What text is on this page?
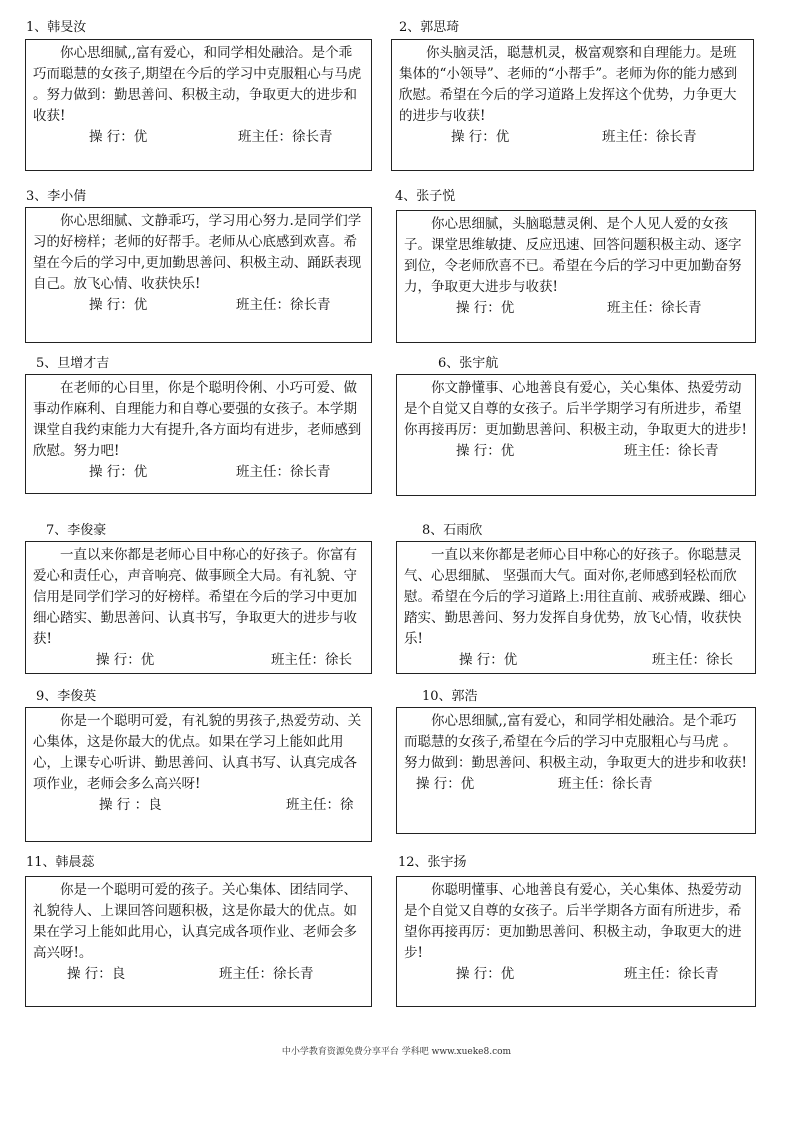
1、韩旻汝

你心思细腻,,富有爱心，和同学相处融洽。是个乖巧而聪慧的女孩子,期望在今后的学习中克服粗心与马虎 。努力做到：勤思善问、积极主动，争取更大的进步和收获!

操 行：优	班主任：徐长青
2、郭思琦

你头脑灵活，聪慧机灵，极富观察和自理能力。是班集体的“小领导”、老师的“小帮手”。老师为你的能力感到欣慰。希望在今后的学习道路上发挥这个优势，力争更大的进步与收获!

操 行：优	班主任：徐长青
3、李小倩

你心思细腻、文静乖巧，学习用心努力.是同学们学习的好榜样；老师的好帮手。老师从心底感到欢喜。希望在今后的学习中,更加勤思善问、积极主动、踊跃表现自己。放飞心情、收获快乐!

操 行：优	班主任：徐长青
4、张子悦

你心思细腻，头脑聪慧灵俐、是个人见人爱的女孩子。课堂思维敏捷、反应迅速、回答问题积极主动、逐字到位，令老师欣喜不已。希望在今后的学习中更加勤奋努力，争取更大进步与收获!

操 行：优	班主任：徐长青
5、旦增才吉

在老师的心目里，你是个聪明伶俐、小巧可爱、做事动作麻利、自理能力和自尊心要强的女孩子。本学期课堂自我约束能力大有提升,各方面均有进步，老师感到欣慰。努力吧!

操 行：优	班主任：徐长青
6、张宇航

你文静懂事、心地善良有爱心，关心集体、热爱劳动是个自觉又自尊的女孩子。后半学期学习有所进步，希望你再接再厉：更加勤思善问、积极主动，争取更大的进步!

操 行：优	班主任：徐长青
7、李俊豪

一直以来你都是老师心目中称心的好孩子。你富有爱心和责任心，声音响亮、做事顾全大局。有礼貌、守信用是同学们学习的好榜样。希望在今后的学习中更加细心踏实、勤思善问、认真书写，争取更大的进步与收获!

操 行：优	班主任：徐长
8、石雨欣

一直以来你都是老师心目中称心的好孩子。你聪慧灵气、心思细腻、 坚强而大气。面对你,老师感到轻松而欣慰。希望在今后的学习道路上:用往直前、戒骄戒躁、细心踏实、勤思善问、努力发挥自身优势，放飞心情，收获快乐!

操 行：优	班主任：徐长
9、李俊英

你是一个聪明可爱，有礼貌的男孩子,热爱劳动、关心集体，这是你最大的优点。如果在学习上能如此用心，上课专心听讲、勤思善问、认真书写、认真完成各项作业，老师会多么高兴呀!

操 行 ：良	班主任：徐
10、郭浩

你心思细腻,,富有爱心，和同学相处融洽。是个乖巧而聪慧的女孩子,希望在今后的学习中克服粗心与马虎 。努力做到：勤思善问、积极主动，争取更大的进步和收获!

操 行：优	班主任：徐长青
11、韩晨蕊

你是一个聪明可爱的孩子。关心集体、团结同学、礼貌待人、上课回答问题积极，这是你最大的优点。如果在学习上能如此用心，认真完成各项作业、老师会多高兴呀!。

操 行：良	班主任：徐长青
12、张宇扬

你聪明懂事、心地善良有爱心，关心集体、热爱劳动是个自觉又自尊的女孩子。后半学期各方面有所进步，希望你再接再厉：更加勤思善问、积极主动，争取更大的进步!

操 行：优	班主任：徐长青
中小学教育资源免费分享平台 学科吧 www.xueke8.com
